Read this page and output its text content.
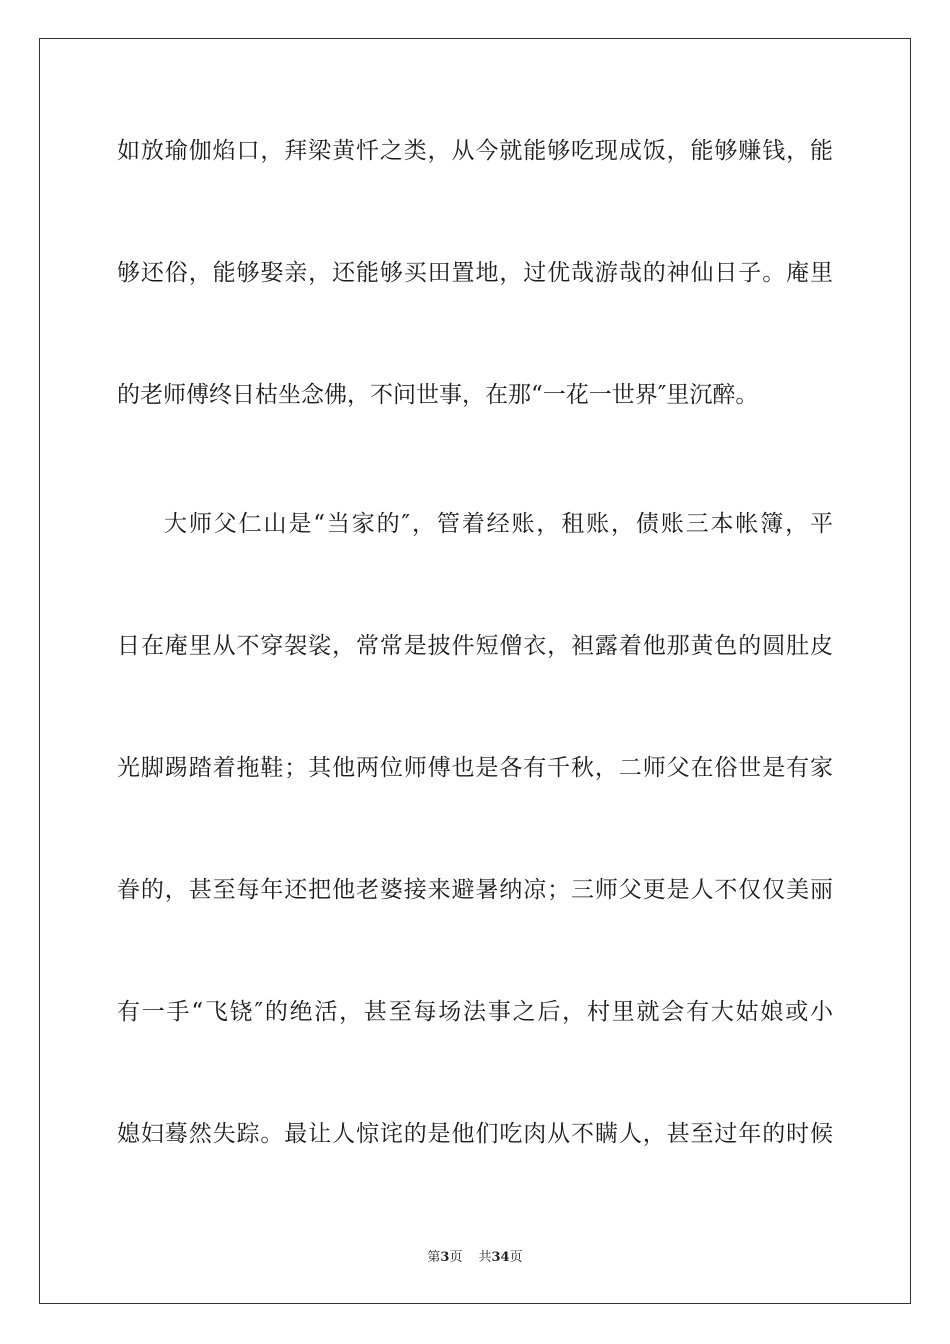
如放瑜伽焰口，拜梁黄忏之类，从今就能够吃现成饭，能够赚钱，能
够还俗，能够娶亲，还能够买田置地，过优哉游哉的神仙日子。庵里
的老师傅终日枯坐念佛，不问世事，在那“一花一世界″里沉醉。
大师父仁山是“当家的″，管着经账，租账，债账三本帐簿，平
日在庵里从不穿袈裟，常常是披件短僧衣，袒露着他那黄色的圆肚皮
光脚踢踏着拖鞋；其他两位师傅也是各有千秋，二师父在俗世是有家
眷的，甚至每年还把他老婆接来避暑纳凉；三师父更是人不仅仅美丽
有一手“飞铙″的绝活，甚至每场法事之后，村里就会有大姑娘或小
媳妇蓦然失踪。最让人惊诧的是他们吃肉从不瞒人，甚至过年的时候
第3页 共34页
